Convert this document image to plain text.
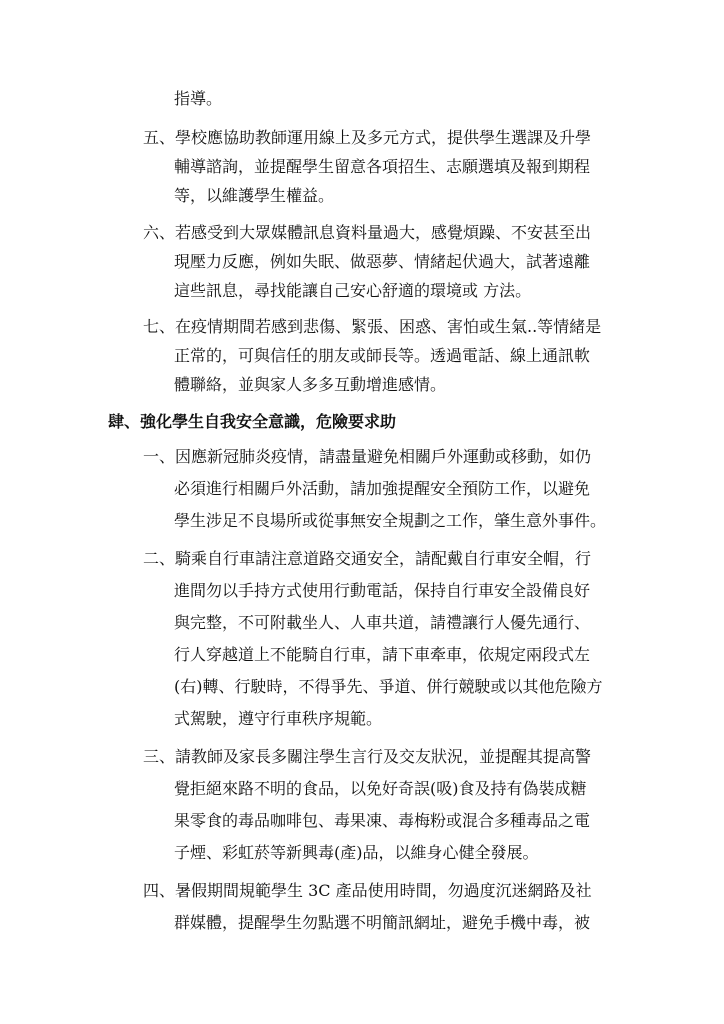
指導。
五、學校應協助教師運用線上及多元方式，提供學生選課及升學
輔導諮詢，並提醒學生留意各項招生、志願選填及報到期程
等，以維護學生權益。
六、若感受到大眾媒體訊息資料量過大，感覺煩躁、不安甚至出
現壓力反應，例如失眠、做惡夢、情緒起伏過大，試著遠離
這些訊息，尋找能讓自己安心舒適的環境或 方法。
七、在疫情期間若感到悲傷、緊張、困惑、害怕或生氣..等情緒是
正常的，可與信任的朋友或師長等。透過電話、線上通訊軟
體聯絡，並與家人多多互動增進感情。
肆、強化學生自我安全意識，危險要求助
一、因應新冠肺炎疫情，請盡量避免相關戶外運動或移動，如仍
必須進行相關戶外活動，請加強提醒安全預防工作，以避免
學生涉足不良場所或從事無安全規劃之工作，肇生意外事件。
二、騎乘自行車請注意道路交通安全，請配戴自行車安全帽，行
進間勿以手持方式使用行動電話，保持自行車安全設備良好
與完整，不可附載坐人、人車共道，請禮讓行人優先通行、
行人穿越道上不能騎自行車，請下車牽車，依規定兩段式左
(右)轉、行駛時，不得爭先、爭道、併行競駛或以其他危險方
式駕駛，遵守行車秩序規範。
三、請教師及家長多關注學生言行及交友狀況，並提醒其提高警
覺拒絕來路不明的食品，以免好奇誤(吸)食及持有偽裝成糖
果零食的毒品咖啡包、毒果凍、毒梅粉或混合多種毒品之電
子煙、彩虹菸等新興毒(產)品，以維身心健全發展。
四、暑假期間規範學生 3C 產品使用時間，勿過度沉迷網路及社
群媒體，提醒學生勿點選不明簡訊網址，避免手機中毒，被
